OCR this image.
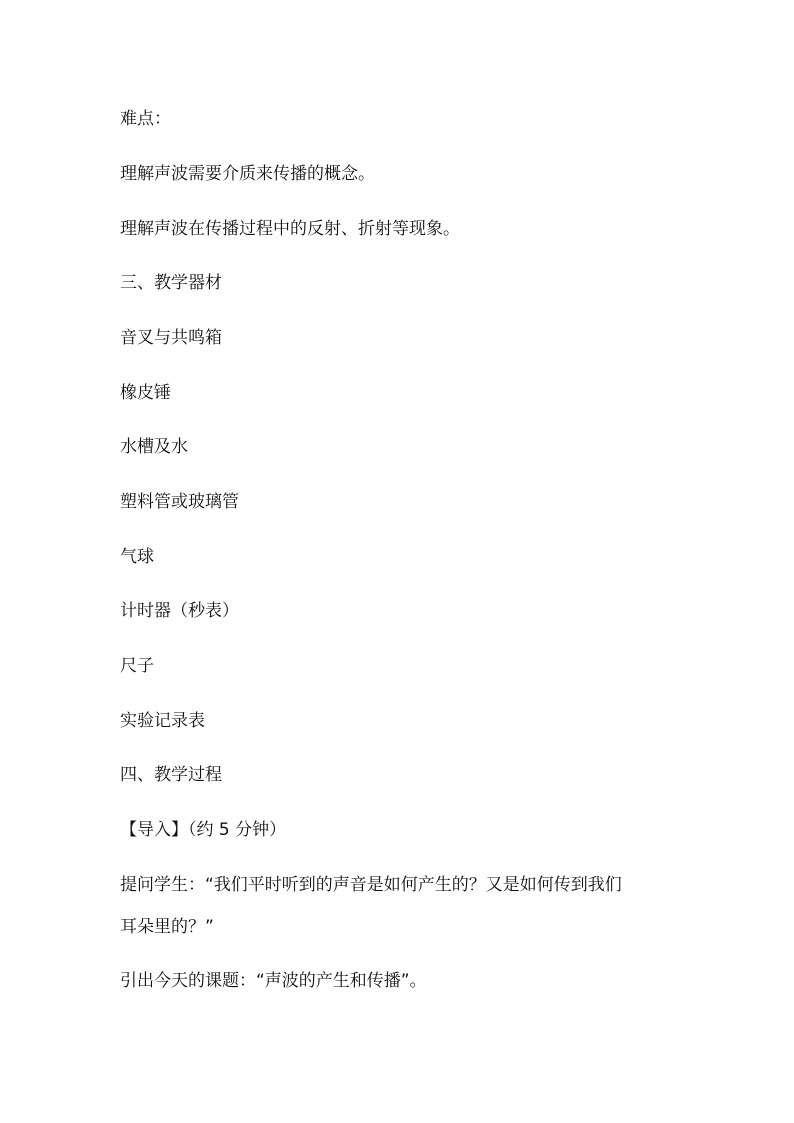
难点：
理解声波需要介质来传播的概念。
理解声波在传播过程中的反射、折射等现象。
三、教学器材
音叉与共鸣箱
橡皮锤
水槽及水
塑料管或玻璃管
气球
计时器（秒表）
尺子
实验记录表
四、教学过程
【导入】（约 5 分钟）
提问学生：“我们平时听到的声音是如何产生的？又是如何传到我们
耳朵里的？”
引出今天的课题：“声波的产生和传播”。
